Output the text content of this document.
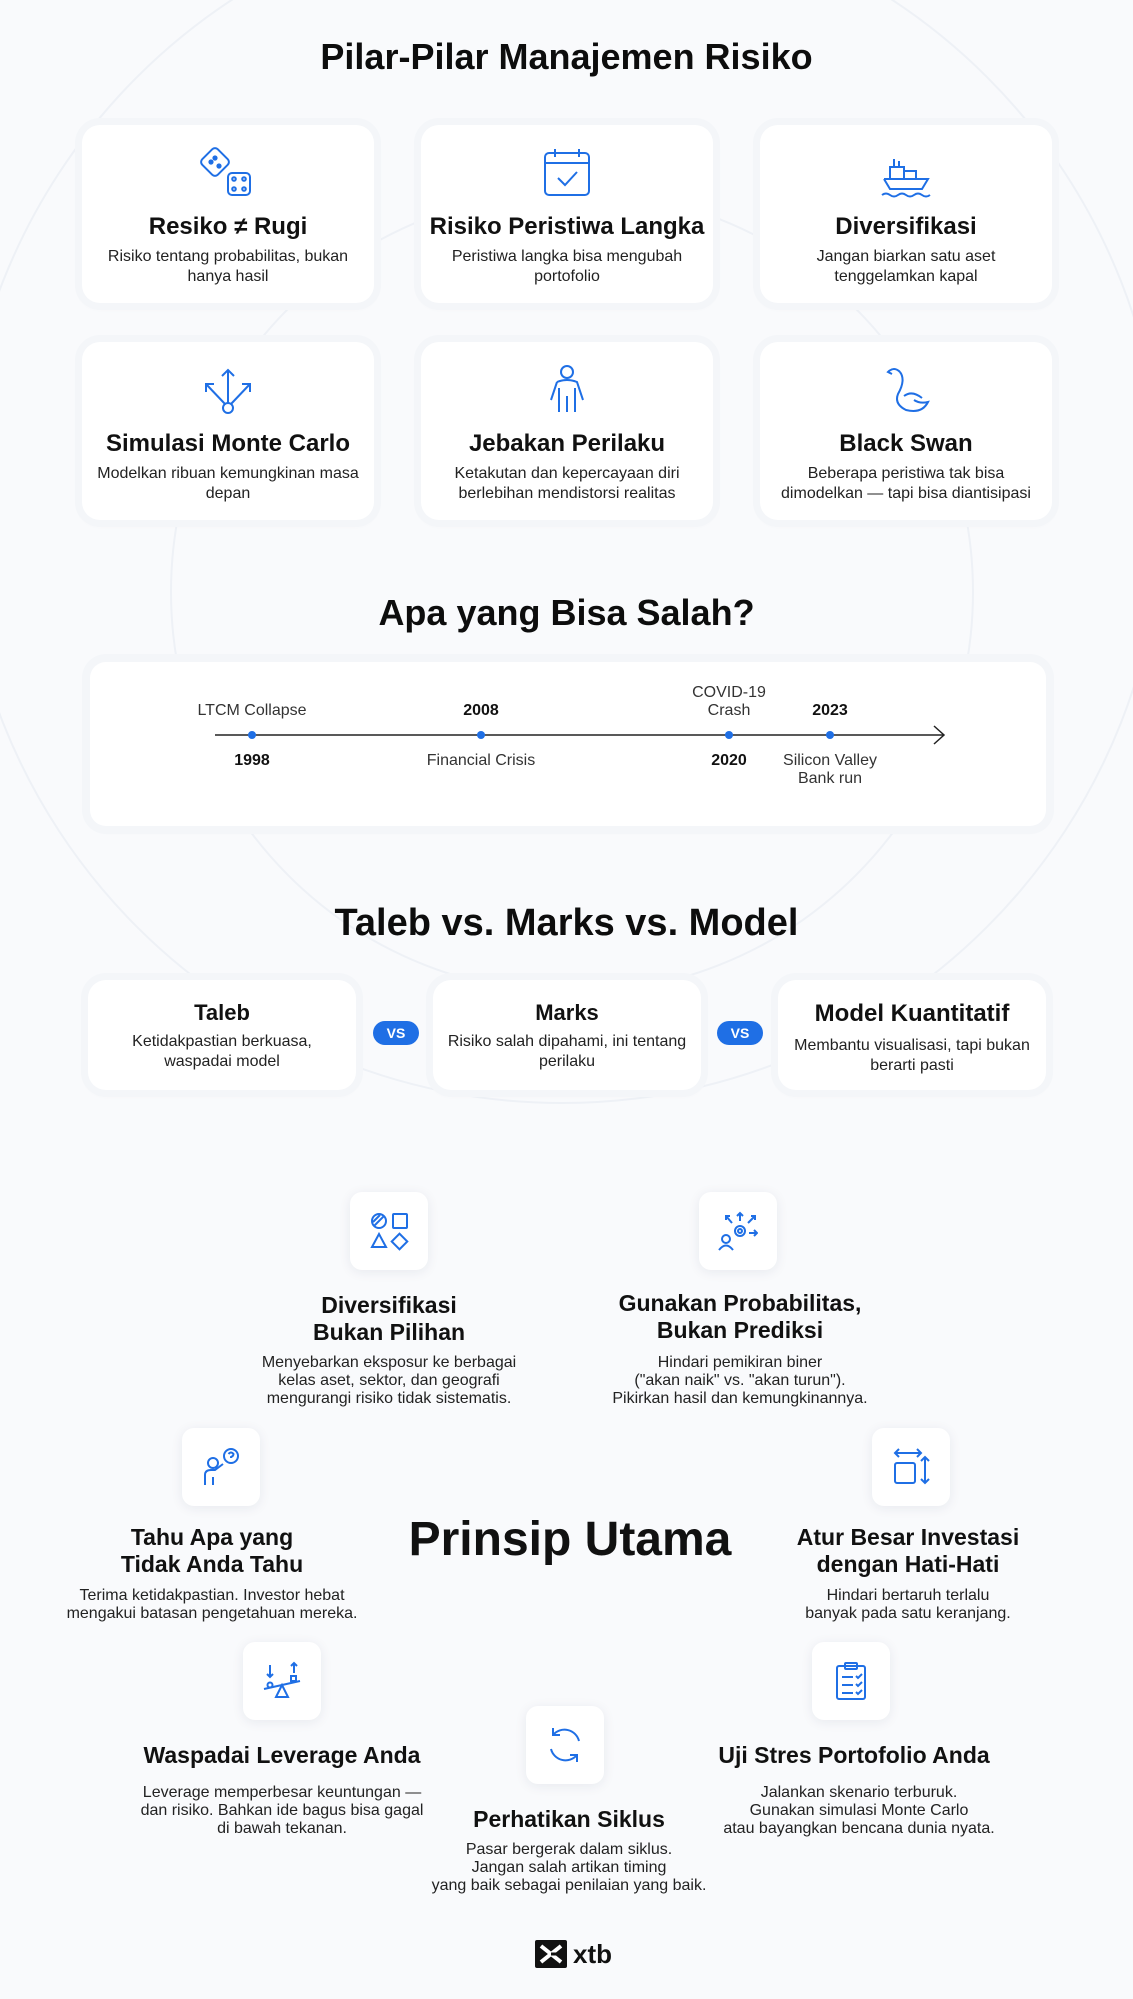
Pilar-Pilar Manajemen Risiko
Resiko ≠ Rugi
Risiko tentang probabilitas, bukan hanya hasil
Risiko Peristiwa Langka
Peristiwa langka bisa mengubah portofolio
Diversifikasi
Jangan biarkan satu aset tenggelamkan kapal
Simulasi Monte Carlo
Modelkan ribuan kemungkinan masa depan
Jebakan Perilaku
Ketakutan dan kepercayaan diri berlebihan mendistorsi realitas
Black Swan
Beberapa peristiwa tak bisa dimodelkan — tapi bisa diantisipasi
Apa yang Bisa Salah?
LTCM Collapse
1998
2008
Financial Crisis
COVID-19 Crash
2020
2023
Silicon Valley Bank run
Taleb vs. Marks vs. Model
Taleb
Ketidakpastian berkuasa, waspadai model
VS
Marks
Risiko salah dipahami, ini tentang perilaku
VS
Model Kuantitatif
Membantu visualisasi, tapi bukan berarti pasti
Diversifikasi
Bukan Pilihan
Menyebarkan eksposur ke berbagai
kelas aset, sektor, dan geografi
mengurangi risiko tidak sistematis.
Gunakan Probabilitas,
Bukan Prediksi
Hindari pemikiran biner
("akan naik" vs. "akan turun").
Pikirkan hasil dan kemungkinannya.
Tahu Apa yang
Tidak Anda Tahu
Terima ketidakpastian. Investor hebat
mengakui batasan pengetahuan mereka.
Prinsip Utama	Atur Besar Investasi
dengan Hati-Hati
Hindari bertaruh terlalu
banyak pada satu keranjang.
Waspadai Leverage Anda
Leverage memperbesar keuntungan —
dan risiko. Bahkan ide bagus bisa gagal
di bawah tekanan.	Perhatikan Siklus
Pasar bergerak dalam siklus.
Jangan salah artikan timing
yang baik sebagai penilaian yang baik.
Uji Stres Portofolio Anda
Jalankan skenario terburuk.
Gunakan simulasi Monte Carlo
atau bayangkan bencana dunia nyata.
xtb
